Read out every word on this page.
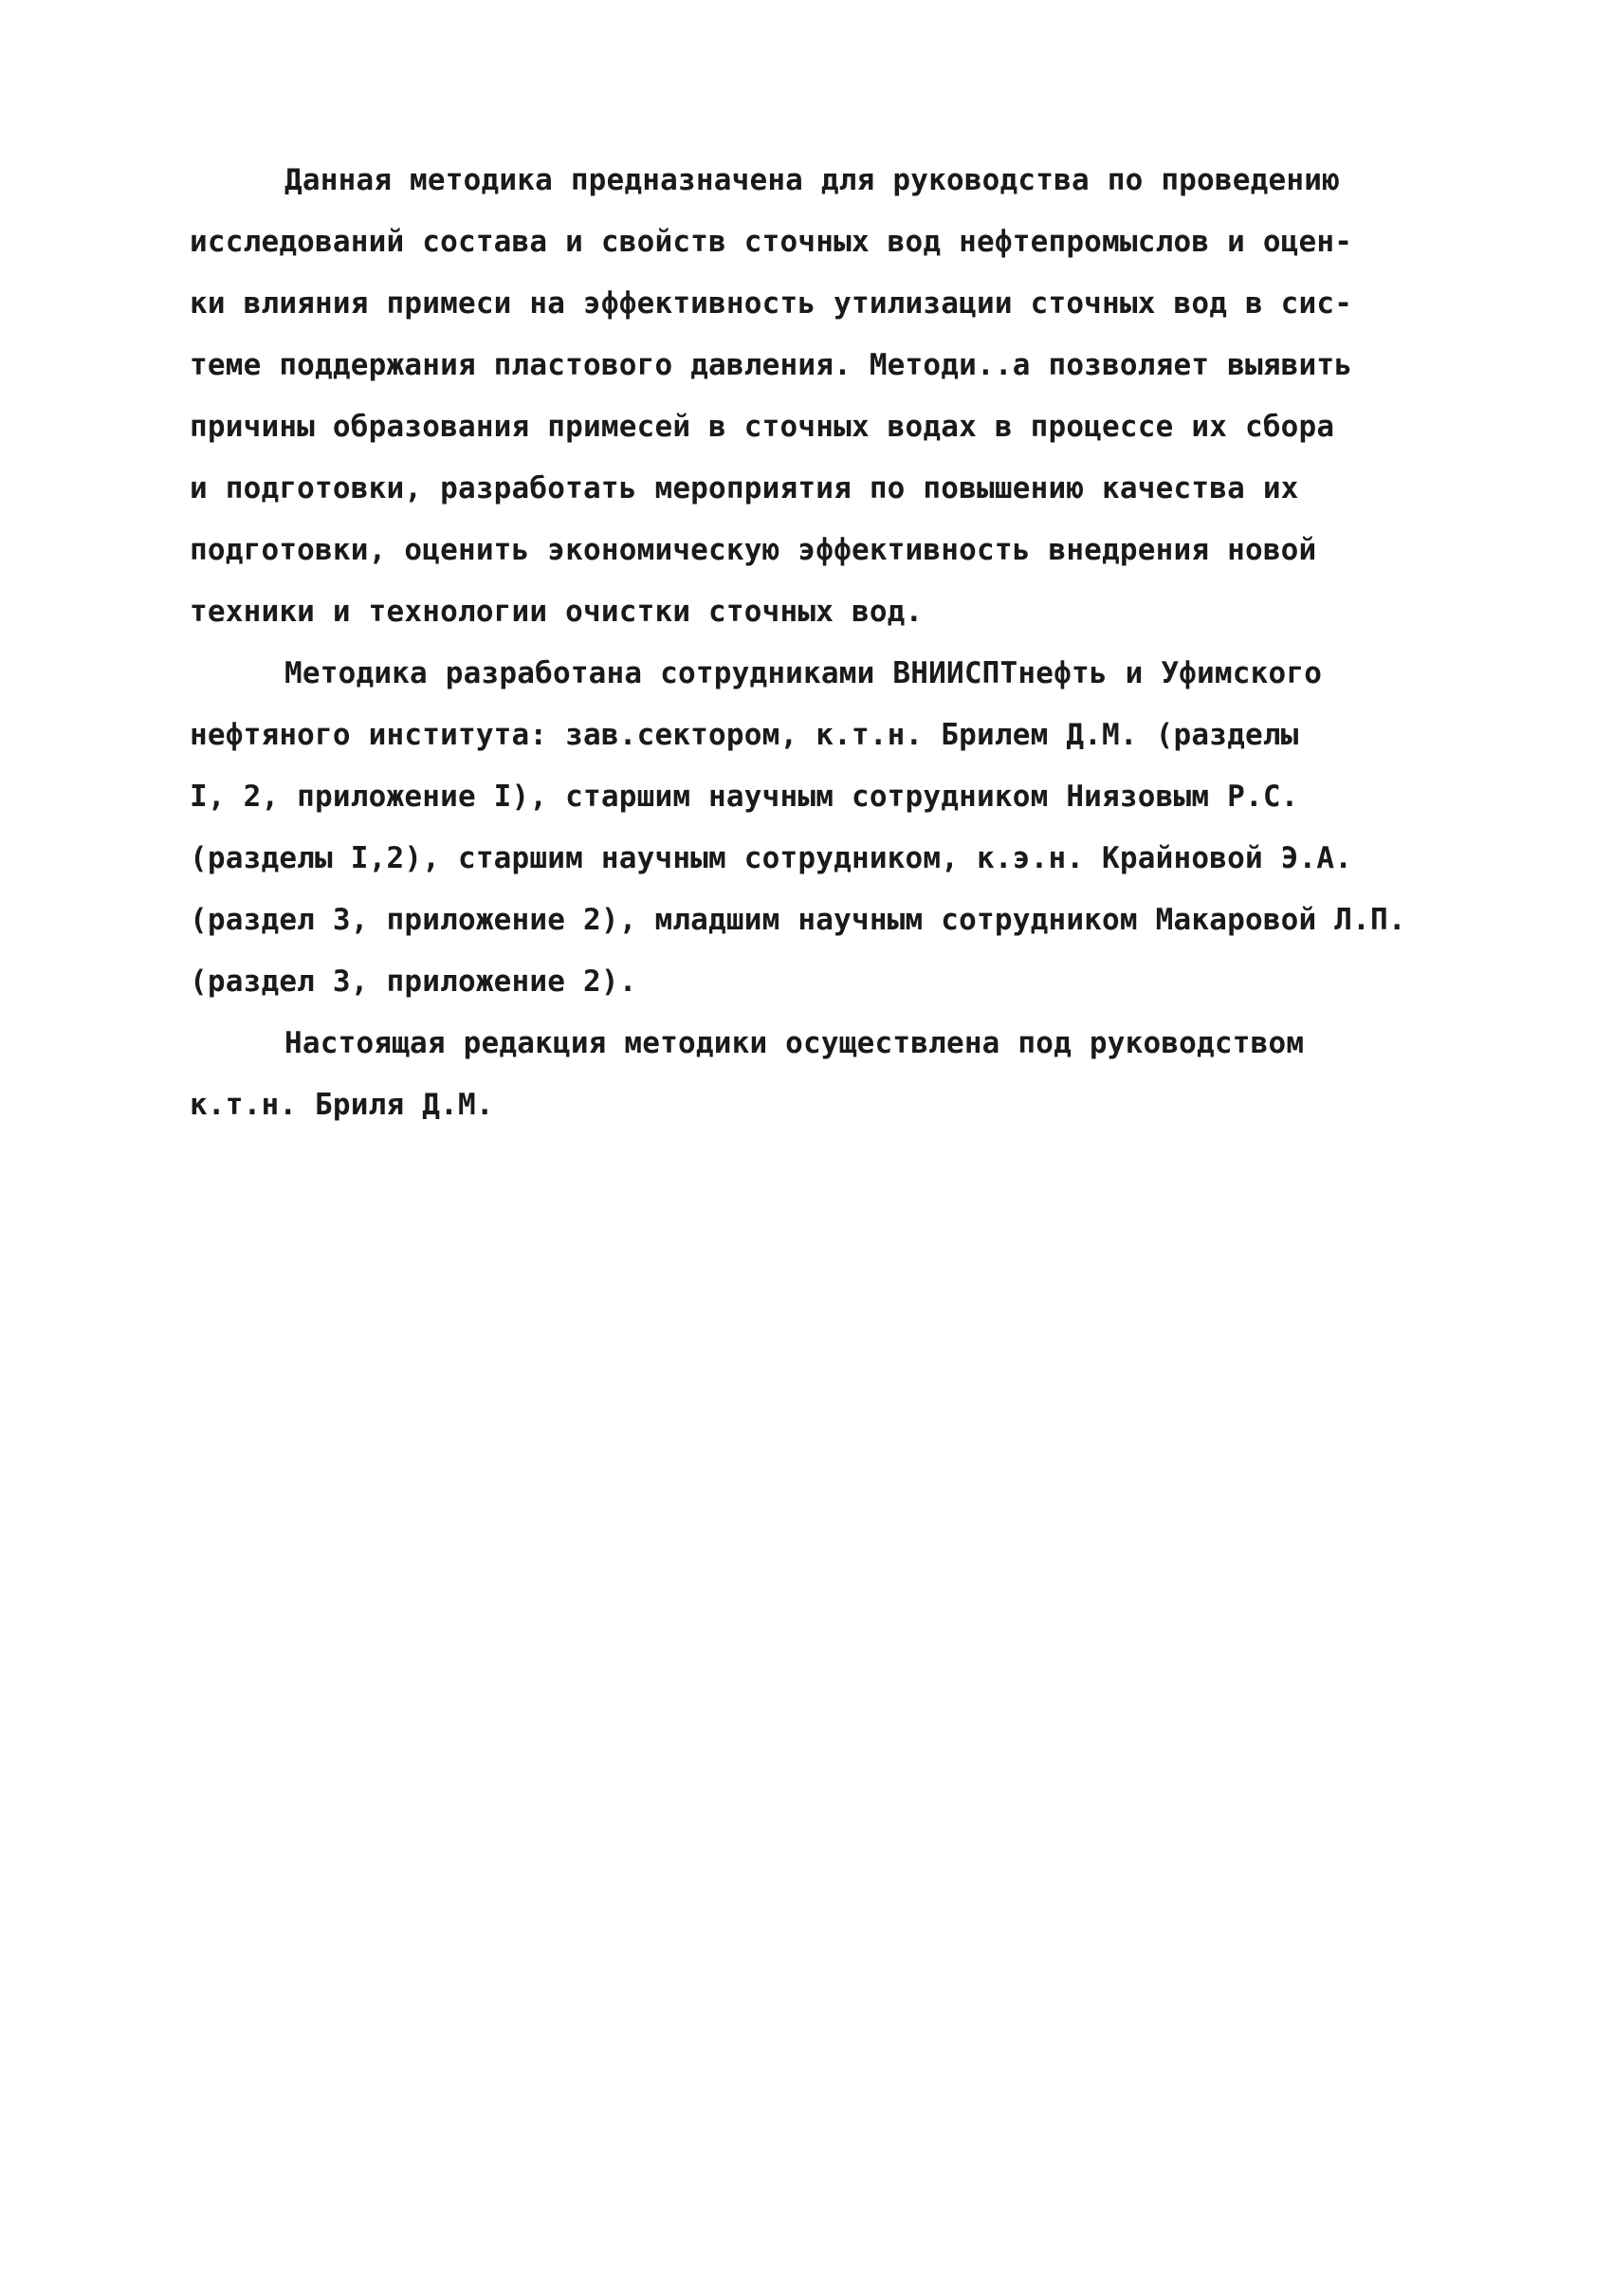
Данная методика предназначена для руководства по проведению
исследований состава и свойств сточных вод нефтепромыслов и оцен-
ки влияния примеси на эффективность утилизации сточных вод в сис-
теме поддержания пластового давления. Методи..а позволяет выявить
причины образования примесей в сточных водах в процессе их сбора
и подготовки, разработать мероприятия по повышению качества их
подготовки, оценить экономическую эффективность внедрения новой
техники и технологии очистки сточных вод.
Методика разработана сотрудниками ВНИИСПТнефть и Уфимского
нефтяного института: зав.сектором, к.т.н. Брилем Д.М. (разделы
I, 2, приложение I), старшим научным сотрудником Ниязовым Р.С.
(разделы I,2), старшим научным сотрудником, к.э.н. Крайновой Э.А.
(раздел 3, приложение 2), младшим научным сотрудником Макаровой Л.П.
(раздел 3, приложение 2).
Настоящая редакция методики осуществлена под руководством
к.т.н. Бриля Д.М.
